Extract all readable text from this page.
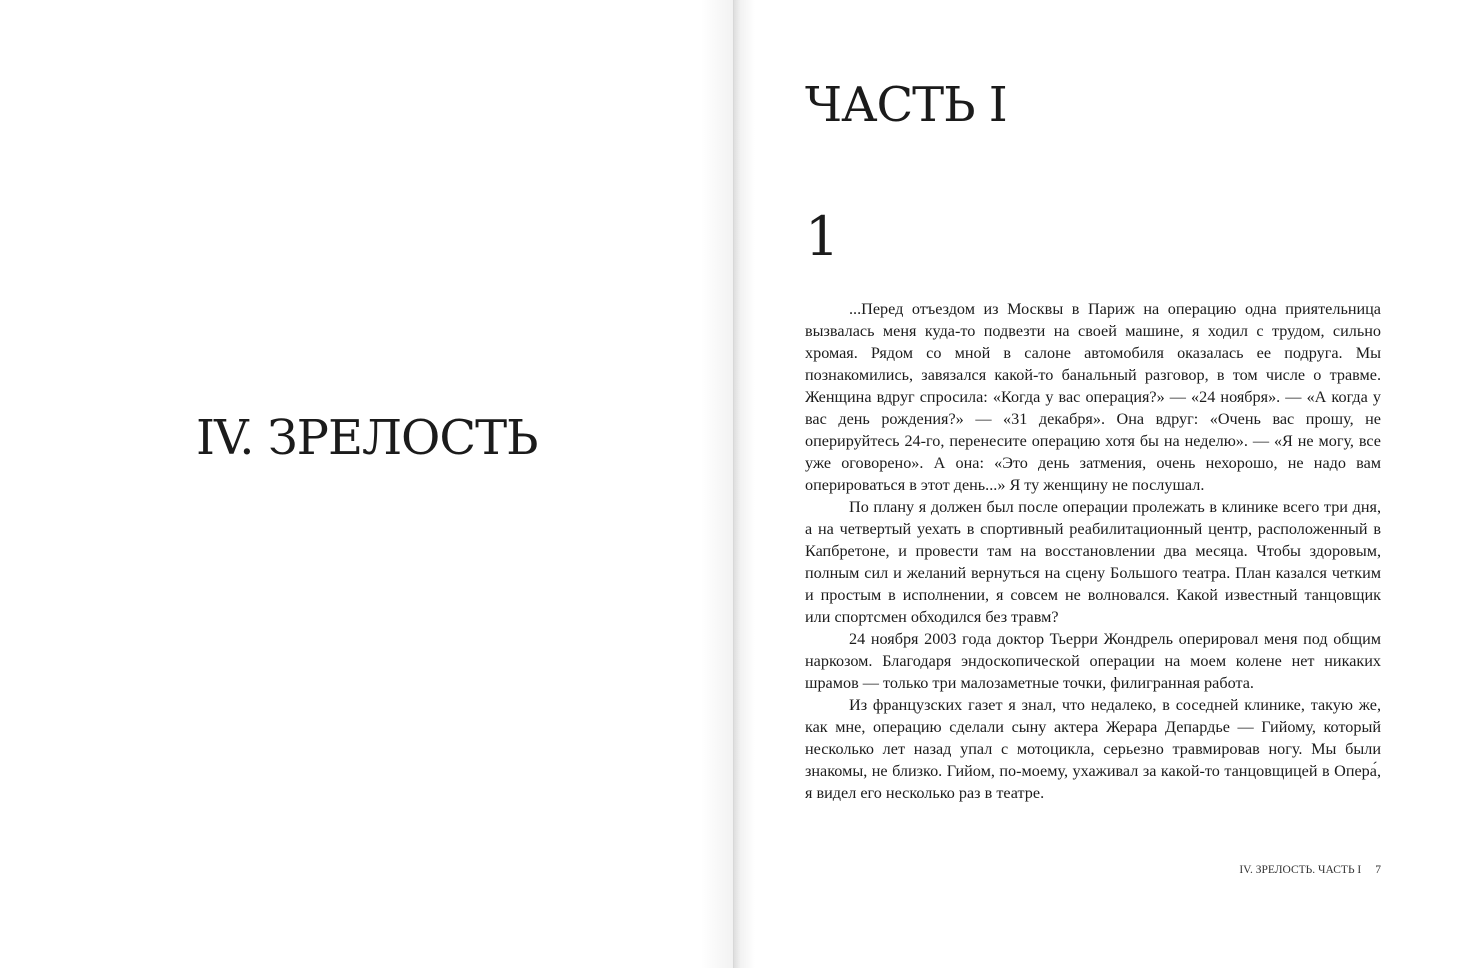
IV. ЗРЕЛОСТЬ
ЧАСТЬ I
1

...Перед отъездом из Москвы в Париж на операцию одна приятельница вызвалась меня куда-то подвезти на своей машине, я ходил с трудом, сильно хромая. Рядом со мной в салоне автомобиля оказалась ее подруга. Мы познакомились, завязался какой-то банальный разговор, в том числе о травме. Женщина вдруг спросила: «Когда у вас операция?» — «24 ноября». — «А когда у вас день рождения?» — «31 декабря». Она вдруг: «Очень вас прошу, не оперируйтесь 24-го, перенесите операцию хотя бы на неделю». — «Я не могу, все уже оговорено». А она: «Это день затмения, очень нехорошо, не надо вам оперироваться в этот день...» Я ту женщину не послушал.

По плану я должен был после операции пролежать в клинике всего три дня, а на четвертый уехать в спортивный реабилитационный центр, расположенный в Капбретоне, и провести там на восстановлении два месяца. Чтобы здоровым, полным сил и желаний вернуться на сцену Большого театра. План казался четким и простым в исполнении, я совсем не волновался. Какой известный танцовщик или спортсмен обходился без травм?

24 ноября 2003 года доктор Тьерри Жондрель оперировал меня под общим наркозом. Благодаря эндоскопической операции на моем колене нет никаких шрамов — только три малозаметные точки, филигранная работа.

Из французских газет я знал, что недалеко, в соседней клинике, такую же, как мне, операцию сделали сыну актера Жерара Депардье — Гийому, который несколько лет назад упал с мотоцикла, серьезно травмировав ногу. Мы были знакомы, не близко. Гийом, по-моему, ухаживал за какой-то танцовщицей в Опера́, я видел его несколько раз в театре.

IV. ЗРЕЛОСТЬ. ЧАСТЬ I 7
